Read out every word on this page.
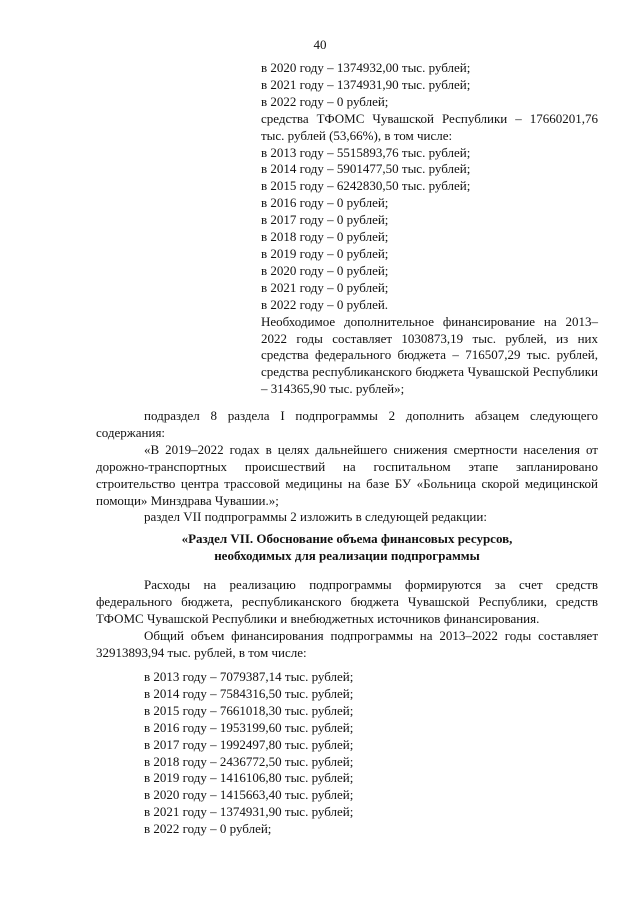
40
в 2020 году – 1374932,00 тыс. рублей;
в 2021 году – 1374931,90 тыс. рублей;
в 2022 году – 0 рублей;
средства ТФОМС Чувашской Республики – 17660201,76 тыс. рублей (53,66%), в том числе:
в 2013 году – 5515893,76 тыс. рублей;
в 2014 году – 5901477,50 тыс. рублей;
в 2015 году – 6242830,50 тыс. рублей;
в 2016 году – 0 рублей;
в 2017 году – 0 рублей;
в 2018 году – 0 рублей;
в 2019 году – 0 рублей;
в 2020 году – 0 рублей;
в 2021 году – 0 рублей;
в 2022 году – 0 рублей.
Необходимое дополнительное финансирование на 2013–2022 годы составляет 1030873,19 тыс. рублей, из них средства федерального бюджета – 716507,29 тыс. рублей, средства республиканского бюджета Чувашской Республики – 314365,90 тыс. рублей»;

подраздел 8 раздела I подпрограммы 2 дополнить абзацем следующего содержания:

«В 2019–2022 годах в целях дальнейшего снижения смертности населения от дорожно-транспортных происшествий на госпитальном этапе запланировано строительство центра трассовой медицины на базе БУ «Больница скорой медицинской помощи» Минздрава Чувашии.»;

раздел VII подпрограммы 2 изложить в следующей редакции:

«Раздел VII. Обоснование объема финансовых ресурсов,
необходимых для реализации подпрограммы

Расходы на реализацию подпрограммы формируются за счет средств федерального бюджета, республиканского бюджета Чувашской Республики, средств ТФОМС Чувашской Республики и внебюджетных источников финансирования.

Общий объем финансирования подпрограммы на 2013–2022 годы составляет 32913893,94 тыс. рублей, в том числе:

в 2013 году – 7079387,14 тыс. рублей;
в 2014 году – 7584316,50 тыс. рублей;
в 2015 году – 7661018,30 тыс. рублей;
в 2016 году – 1953199,60 тыс. рублей;
в 2017 году – 1992497,80 тыс. рублей;
в 2018 году – 2436772,50 тыс. рублей;
в 2019 году – 1416106,80 тыс. рублей;
в 2020 году – 1415663,40 тыс. рублей;
в 2021 году – 1374931,90 тыс. рублей;
в 2022 году – 0 рублей;
